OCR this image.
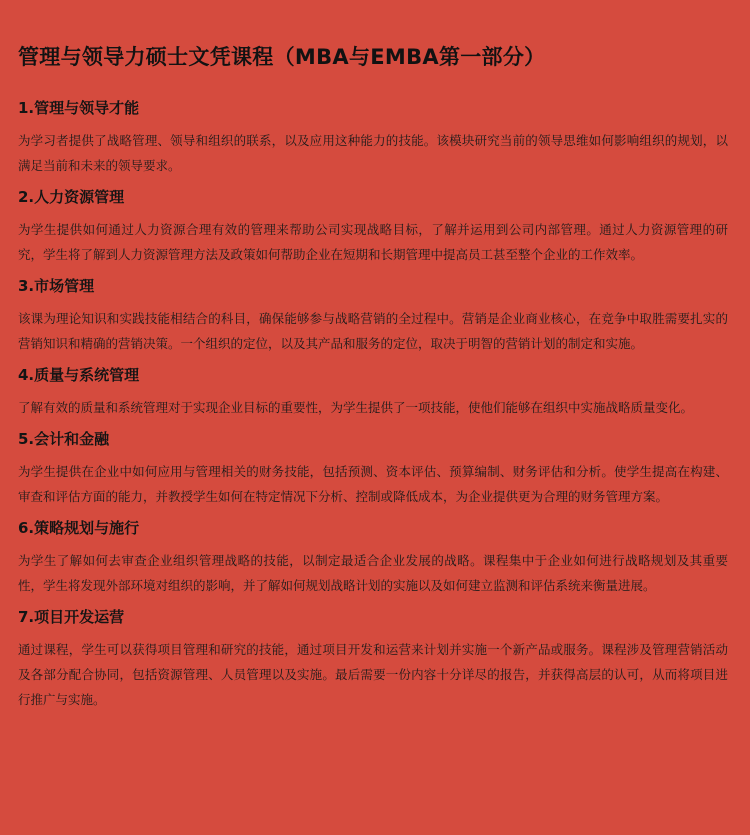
管理与领导力硕士文凭课程（MBA与EMBA第一部分）
1.管理与领导才能

为学习者提供了战略管理、领导和组织的联系，以及应用这种能力的技能。该模块研究当前的领导思维如何影响组织的规划，以满足当前和未来的领导要求。

2.人力资源管理

为学生提供如何通过人力资源合理有效的管理来帮助公司实现战略目标，了解并运用到公司内部管理。通过人力资源管理的研究，学生将了解到人力资源管理方法及政策如何帮助企业在短期和长期管理中提高员工甚至整个企业的工作效率。

3.市场管理

该课为理论知识和实践技能相结合的科目，确保能够参与战略营销的全过程中。营销是企业商业核心，在竞争中取胜需要扎实的营销知识和精确的营销决策。一个组织的定位，以及其产品和服务的定位，取决于明智的营销计划的制定和实施。

4.质量与系统管理

了解有效的质量和系统管理对于实现企业目标的重要性，为学生提供了一项技能，使他们能够在组织中实施战略质量变化。

5.会计和金融

为学生提供在企业中如何应用与管理相关的财务技能，包括预测、资本评估、预算编制、财务评估和分析。使学生提高在构建、审查和评估方面的能力，并教授学生如何在特定情况下分析、控制或降低成本，为企业提供更为合理的财务管理方案。

6.策略规划与施行

为学生了解如何去审查企业组织管理战略的技能，以制定最适合企业发展的战略。课程集中于企业如何进行战略规划及其重要性，学生将发现外部环境对组织的影响，并了解如何规划战略计划的实施以及如何建立监测和评估系统来衡量进展。

7.项目开发运营

通过课程，学生可以获得项目管理和研究的技能，通过项目开发和运营来计划并实施一个新产品或服务。课程涉及管理营销活动及各部分配合协同，包括资源管理、人员管理以及实施。最后需要一份内容十分详尽的报告，并获得高层的认可，从而将项目进行推广与实施。
